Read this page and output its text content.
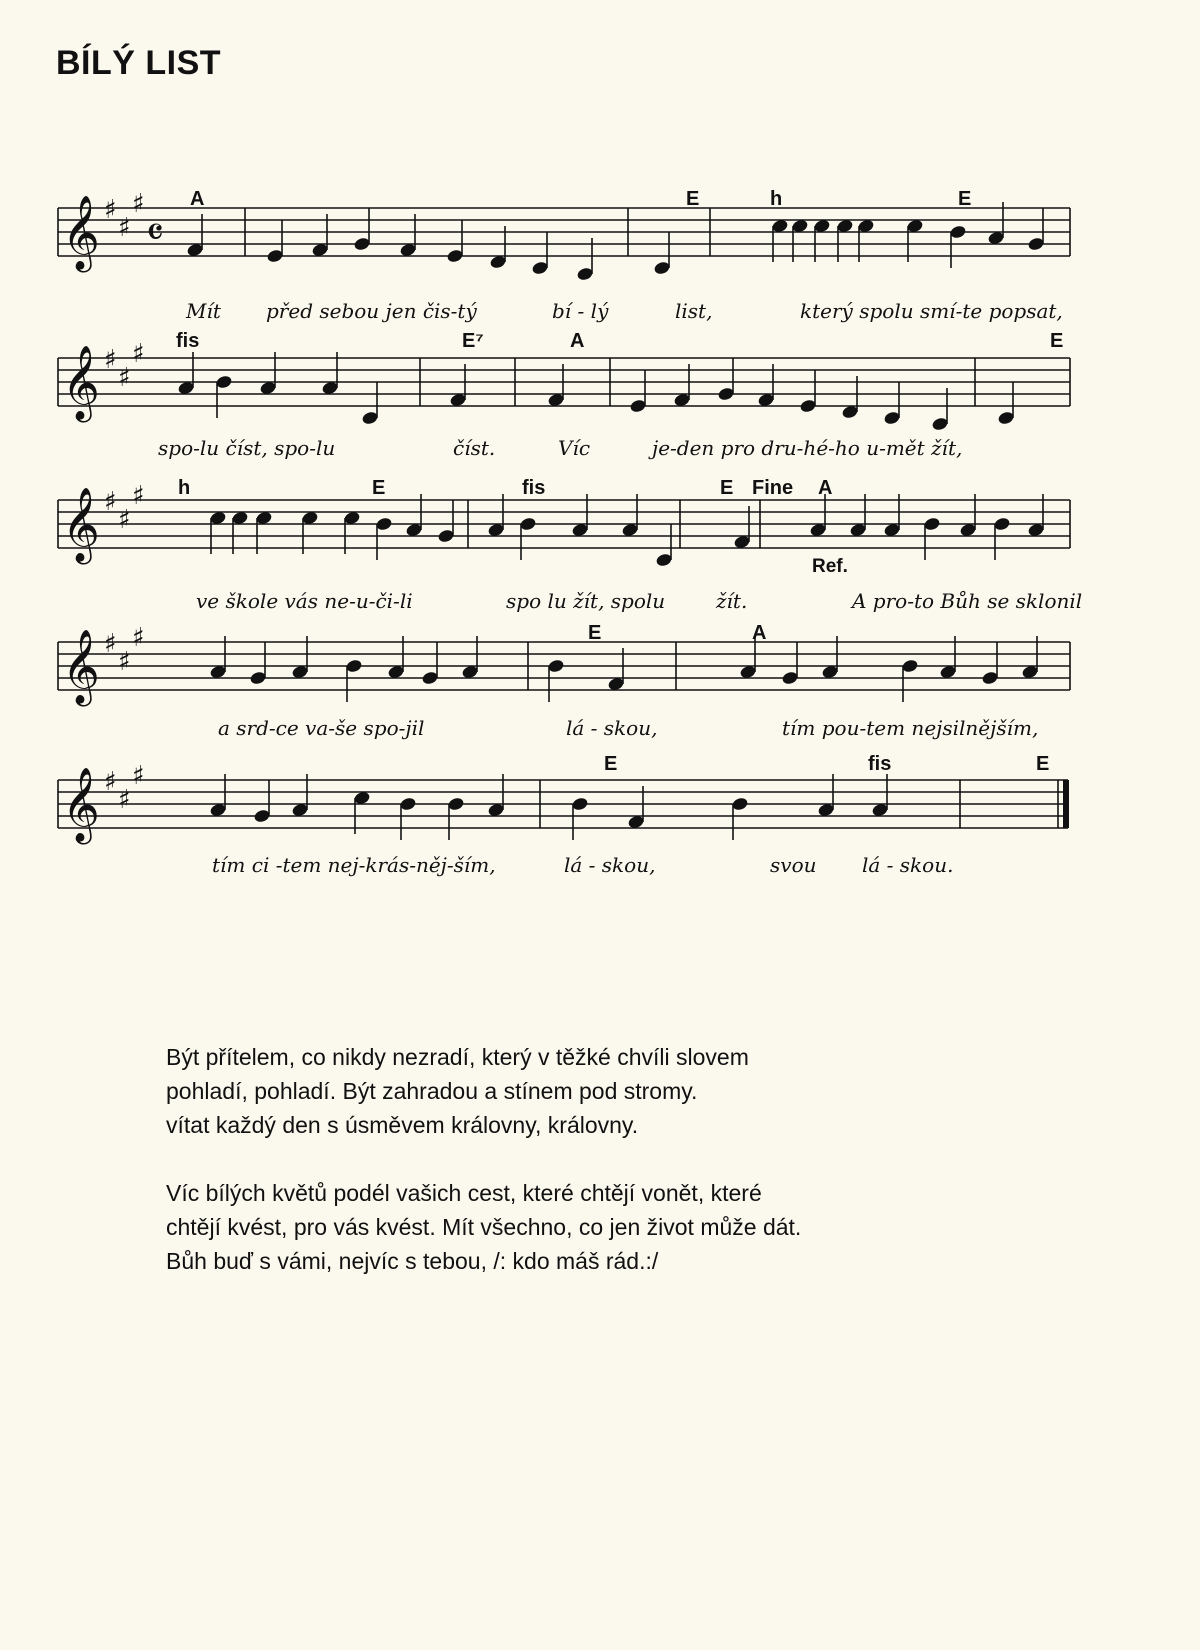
BÍLÝ LIST
𝄞 ♯
♯
♯
𝄴
A	E	h	E
Mít před sebou jen čis-tý	bí - lý	list,	který spolu smí-te popsat,
𝄞 ♯
♯
♯ fis	E⁷	A	E
spo-lu číst, spo-lu	číst.	Víc	je-den pro dru-hé-ho u-mět žít,
𝄞 ♯
♯
♯ h	E	fis	E Fine A
Ref.
ve škole vás ne-u-či-li	spo lu žít, spolu	žít.	A pro-to Bůh se sklonil
𝄞 ♯
♯
♯	E	A
a srd-ce va-še spo-jil	lá - skou,	tím pou-tem nejsilnějším,
𝄞 ♯
♯
♯	E	fis	E
tím ci -tem nej-krás-něj-ším,	lá - skou,	svou lá - skou.

Být přítelem, co nikdy nezradí, který v těžké chvíli slovem
pohladí, pohladí. Být zahradou a stínem pod stromy.
vítat každý den s úsměvem královny, královny.

Víc bílých květů podél vašich cest, které chtějí vonět, které
chtějí kvést, pro vás kvést. Mít všechno, co jen život může dát.
Bůh buď s vámi, nejvíc s tebou, /: kdo máš rád.:/
